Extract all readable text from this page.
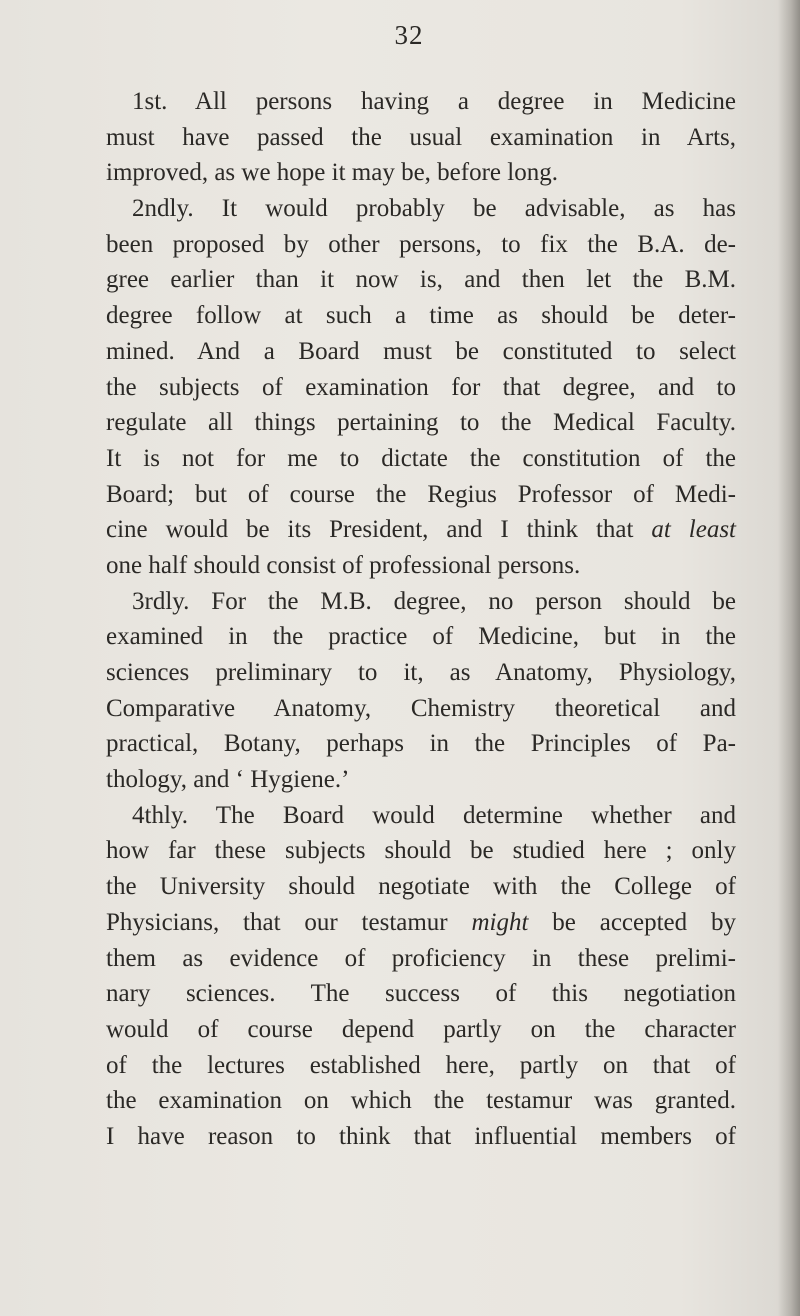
32
1st. All persons having a degree in Medicine
must have passed the usual examination in Arts,
improved, as we hope it may be, before long.
2ndly. It would probably be advisable, as has
been proposed by other persons, to fix the B.A. de-
gree earlier than it now is, and then let the B.M.
degree follow at such a time as should be deter-
mined. And a Board must be constituted to select
the subjects of examination for that degree, and to
regulate all things pertaining to the Medical Faculty.
It is not for me to dictate the constitution of the
Board; but of course the Regius Professor of Medi-
cine would be its President, and I think that at least
one half should consist of professional persons.
3rdly. For the M.B. degree, no person should be
examined in the practice of Medicine, but in the
sciences preliminary to it, as Anatomy, Physiology,
Comparative Anatomy, Chemistry theoretical and
practical, Botany, perhaps in the Principles of Pa-
thology, and ‘ Hygiene.’
4thly. The Board would determine whether and
how far these subjects should be studied here ; only
the University should negotiate with the College of
Physicians, that our testamur might be accepted by
them as evidence of proficiency in these prelimi-
nary sciences. The success of this negotiation
would of course depend partly on the character
of the lectures established here, partly on that of
the examination on which the testamur was granted.
I have reason to think that influential members of
